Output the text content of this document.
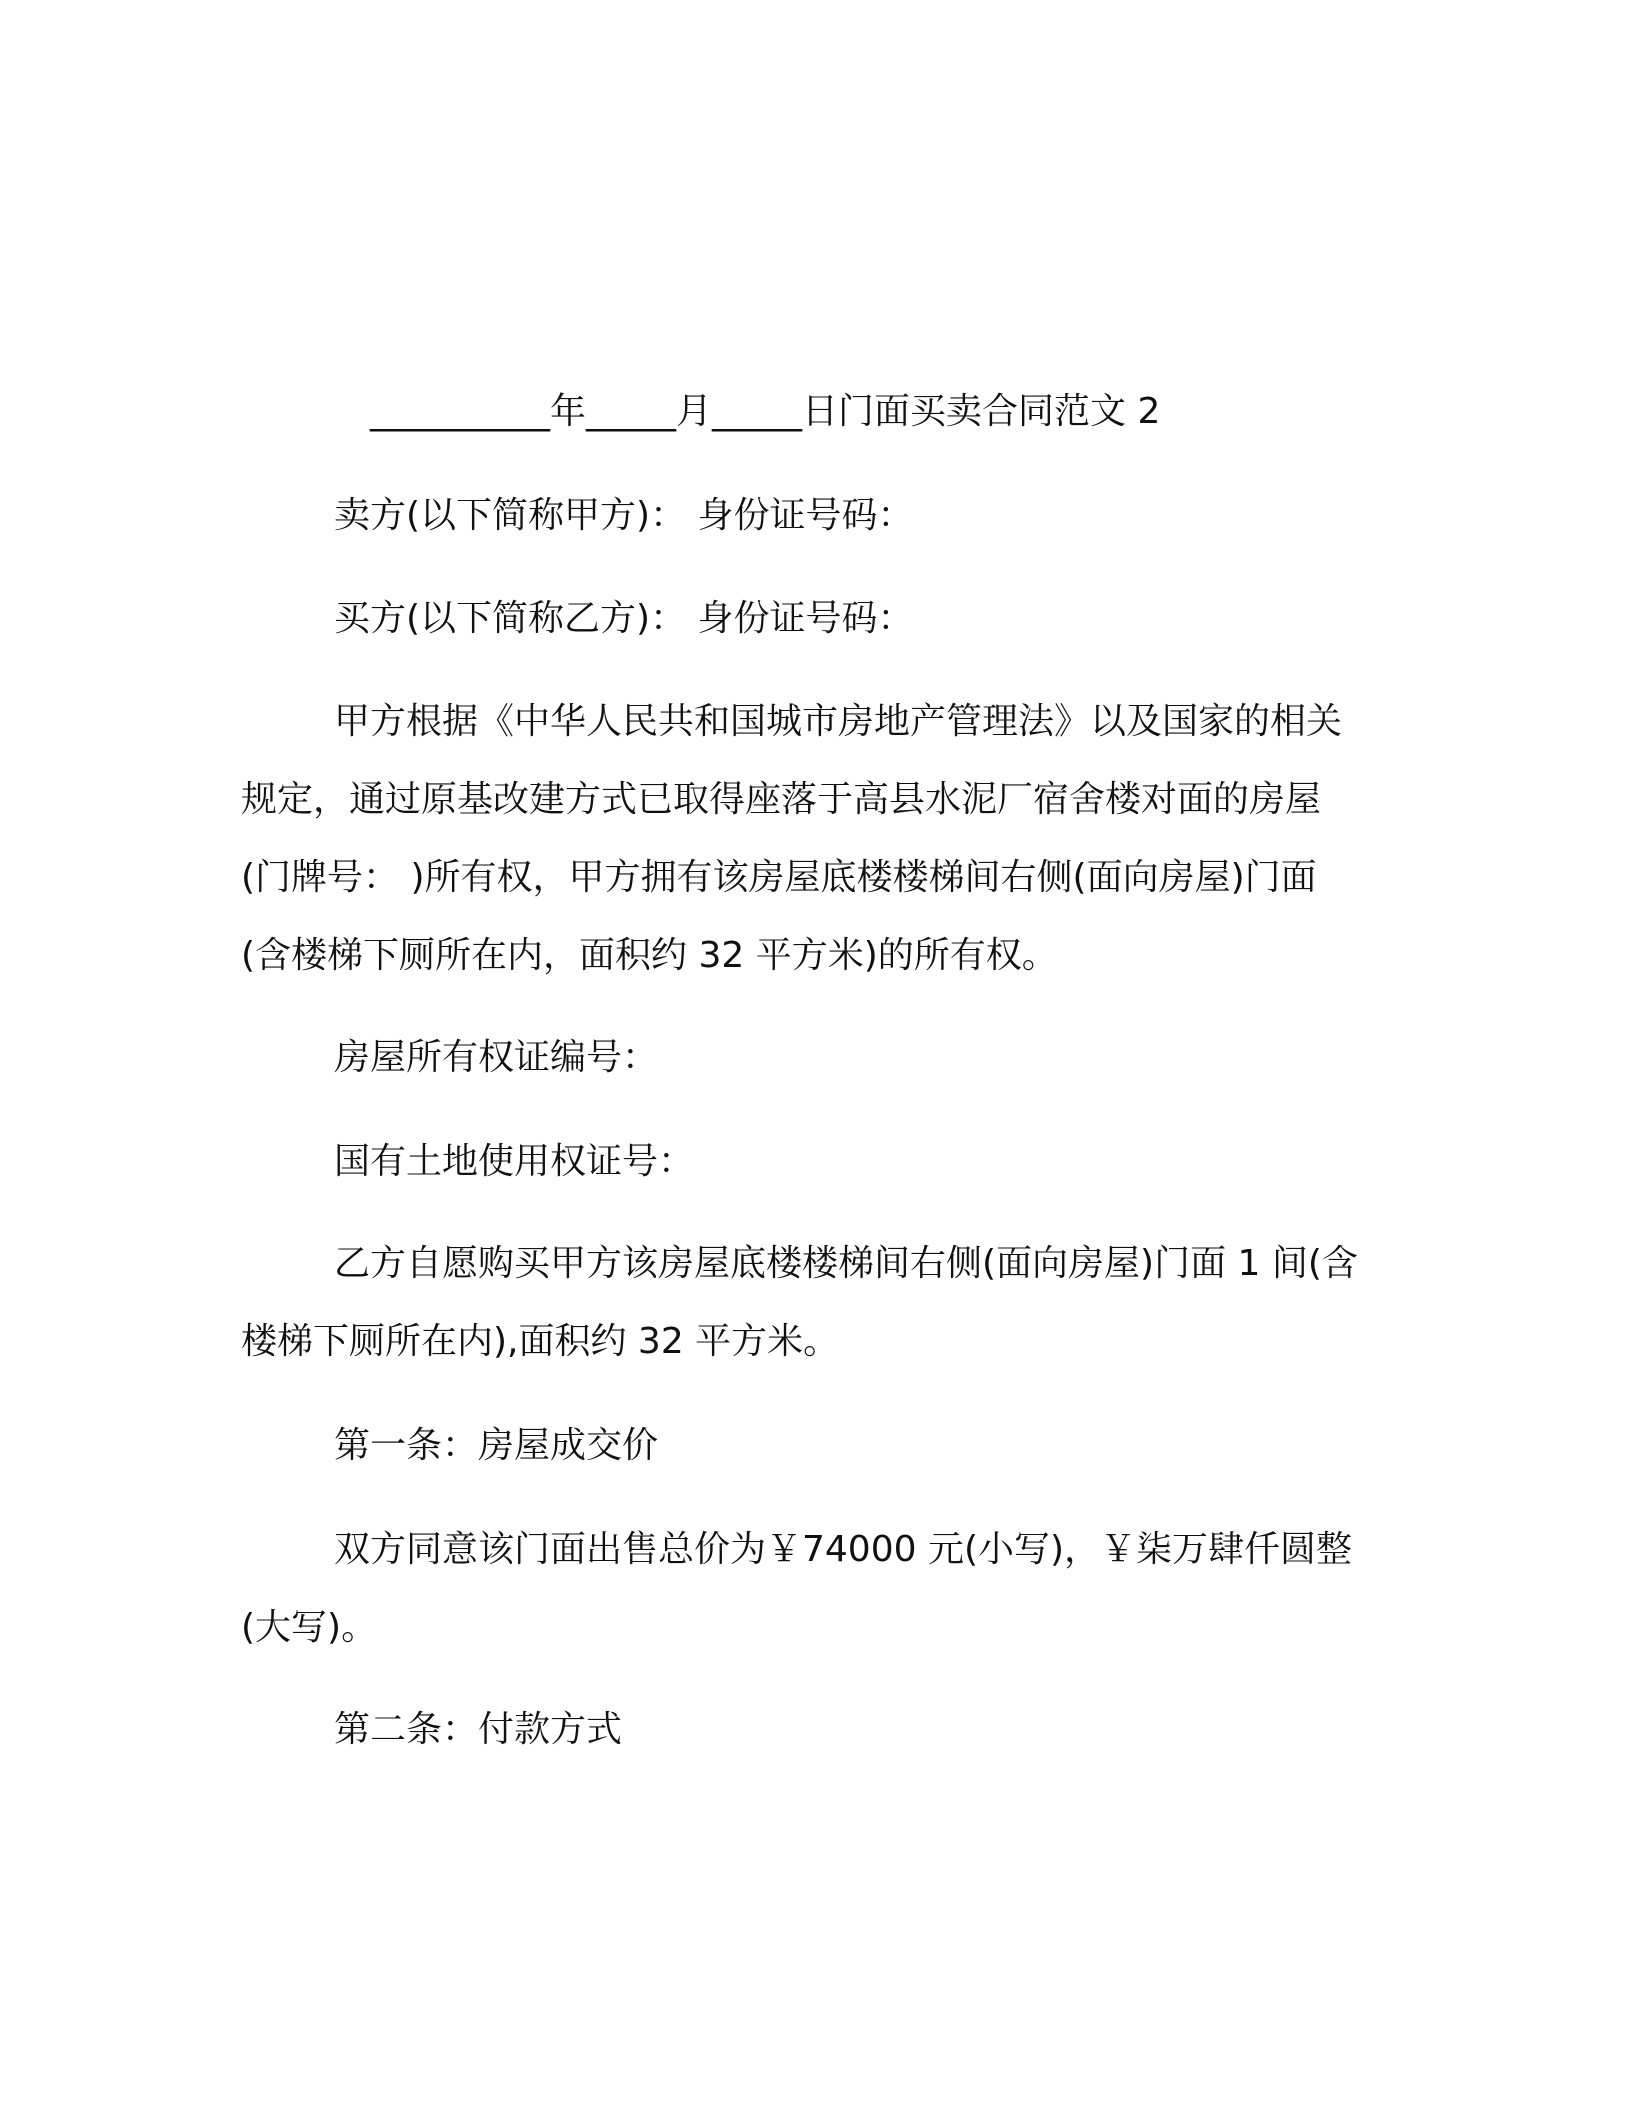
__________年_____月_____日门面买卖合同范文 2
卖方(以下简称甲方)： 身份证号码：
买方(以下简称乙方)： 身份证号码：
甲方根据《中华人民共和国城市房地产管理法》以及国家的相关
规定，通过原基改建方式已取得座落于高县水泥厂宿舍楼对面的房屋
(门牌号： )所有权，甲方拥有该房屋底楼楼梯间右侧(面向房屋)门面
(含楼梯下厕所在内，面积约 32 平方米)的所有权。
房屋所有权证编号：
国有土地使用权证号：
乙方自愿购买甲方该房屋底楼楼梯间右侧(面向房屋)门面 1 间(含
楼梯下厕所在内),面积约 32 平方米。
第一条：房屋成交价
双方同意该门面出售总价为￥74000 元(小写)，￥柒万肆仟圆整
(大写)。
第二条：付款方式
